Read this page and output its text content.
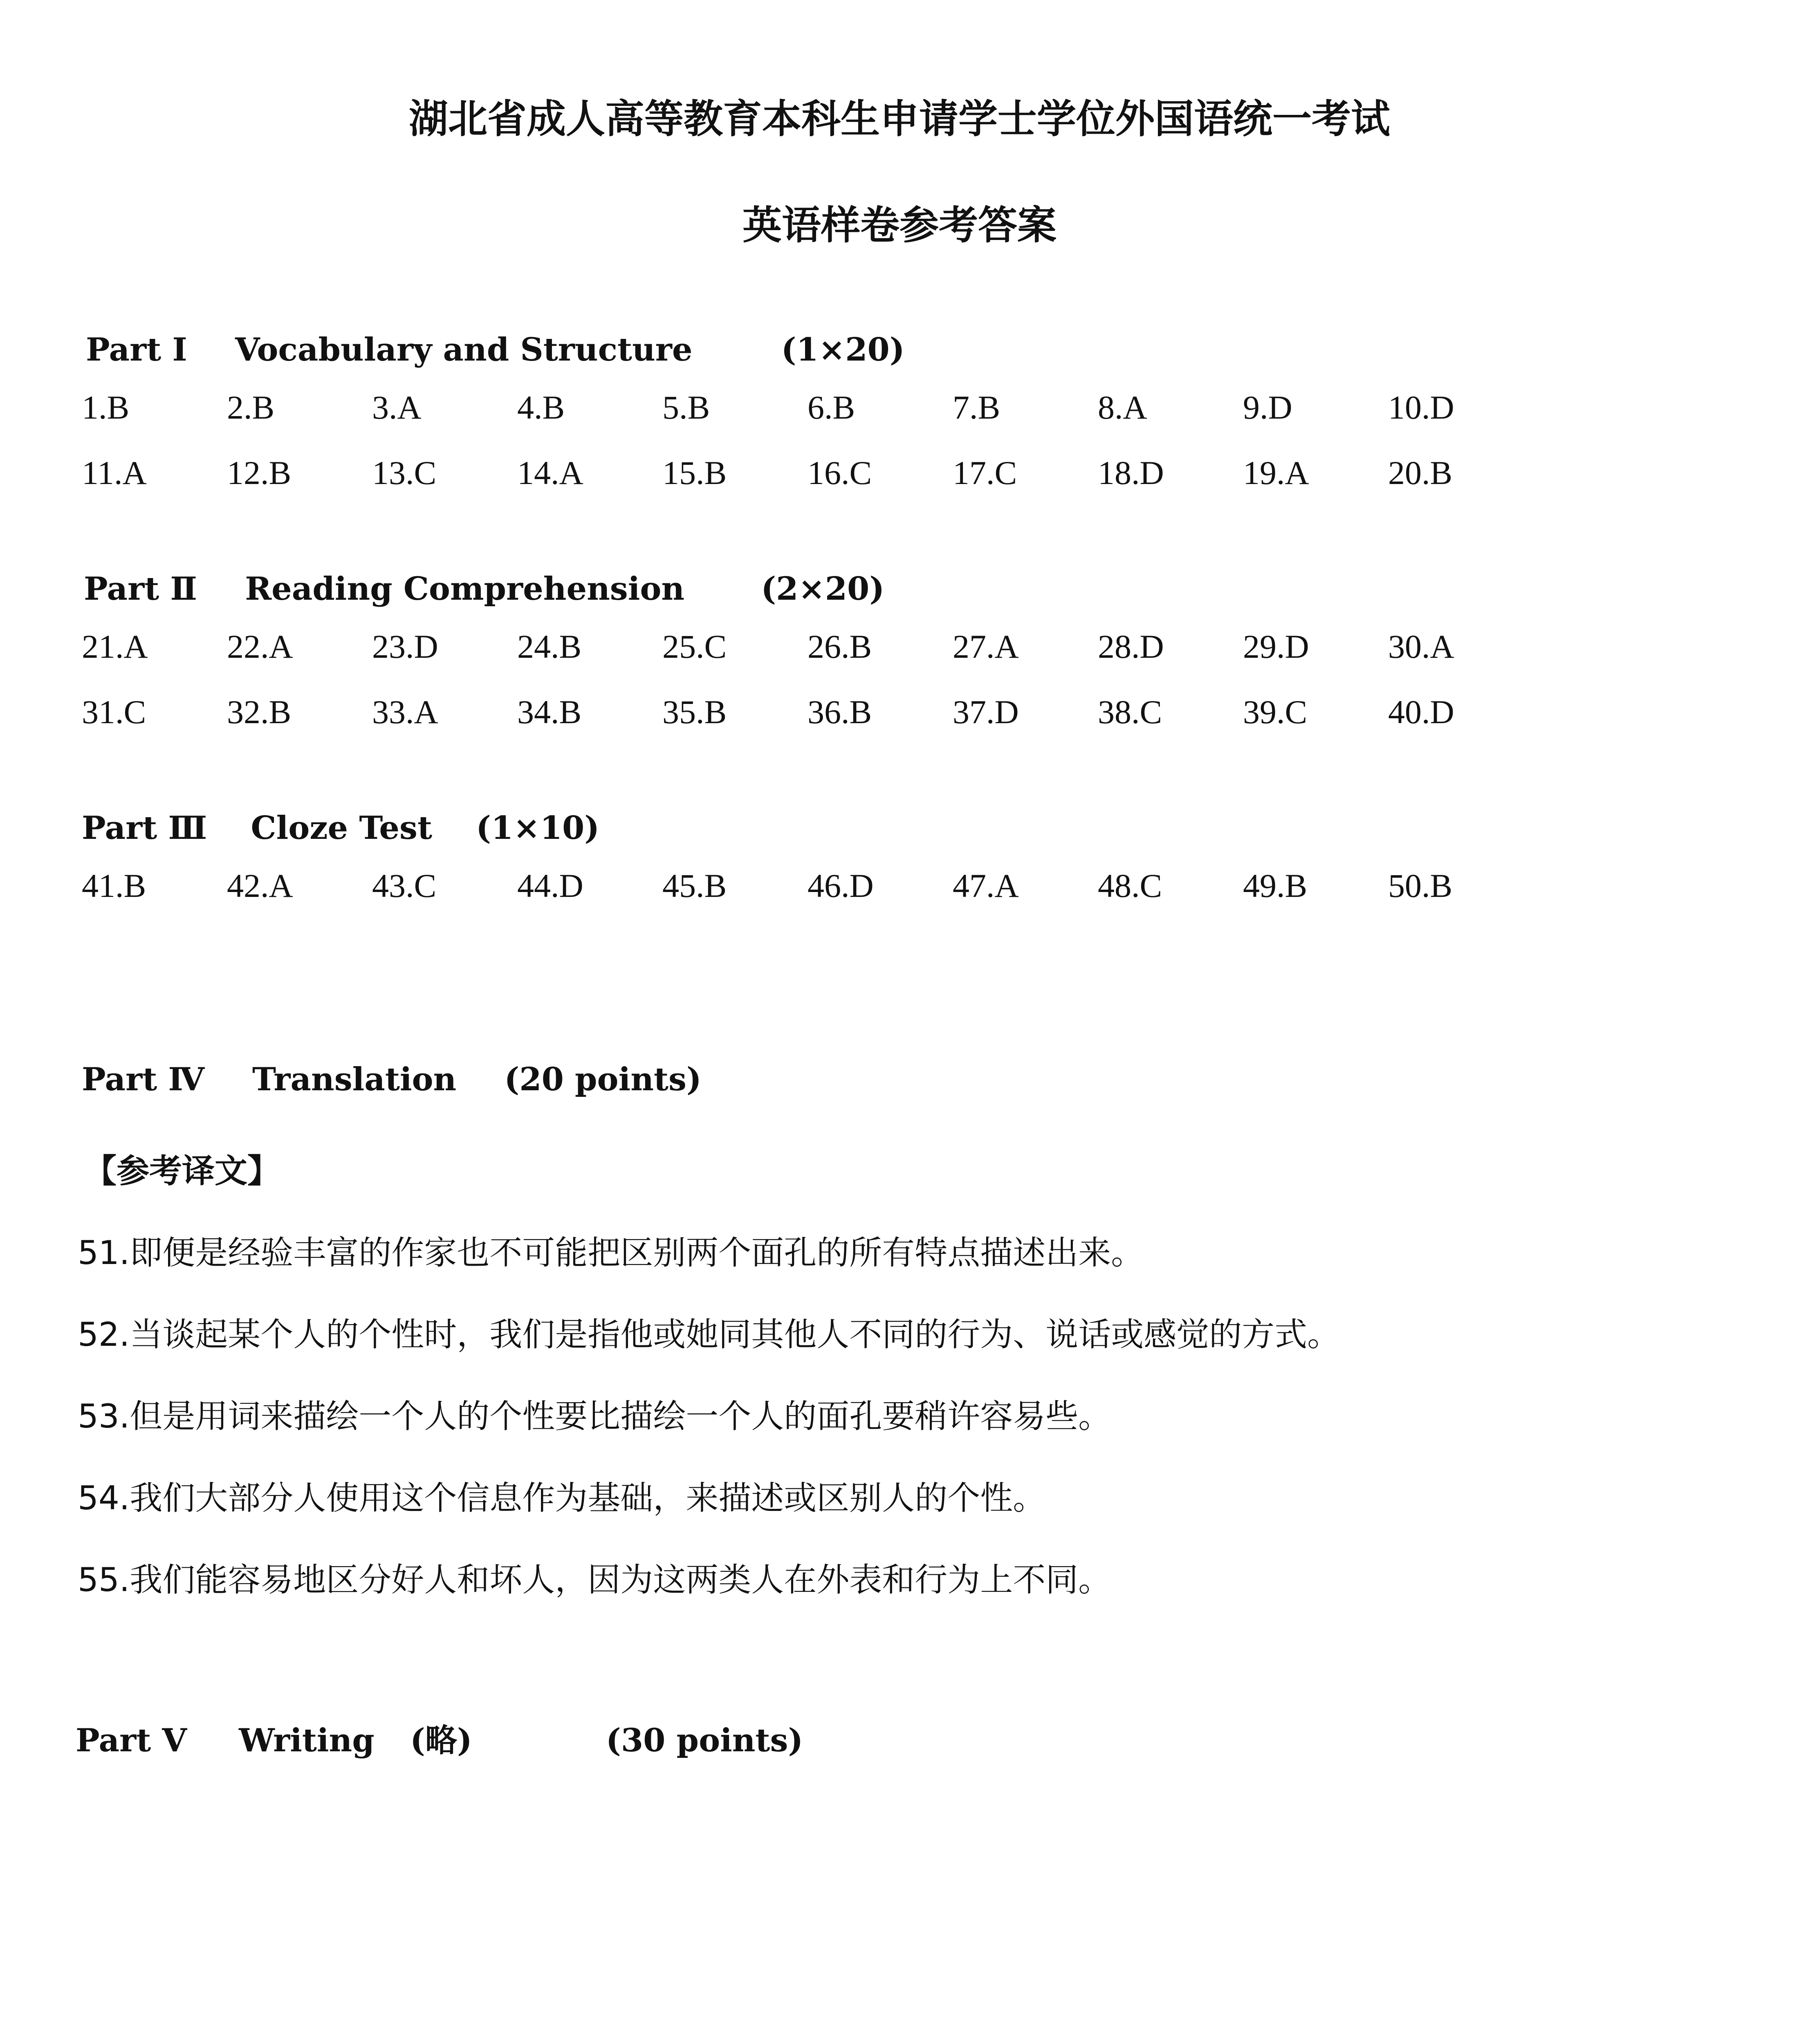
湖北省成人高等教育本科生申请学士学位外国语统一考试
英语样卷参考答案
Part Ⅰ Vocabulary and Structure	(1×20)
1.B	2.B	3.A	4.B	5.B	6.B	7.B	8.A	9.D	10.D
11.A 12.B 13.C 14.A 15.B 16.C 17.C 18.D 19.A 20.B
Part Ⅱ Reading Comprehension (2×20)
21.A 22.A 23.D 24.B 25.C 26.B 27.A 28.D 29.D 30.A
31.C 32.B 33.A 34.B 35.B 36.B 37.D 38.C 39.C 40.D
Part Ⅲ Cloze Test (1×10)
41.B 42.A 43.C 44.D 45.B 46.D 47.A 48.C 49.B 50.B
Part Ⅳ Translation (20 points)
【参考译文】
51.即便是经验丰富的作家也不可能把区别两个面孔的所有特点描述出来。
52.当谈起某个人的个性时，我们是指他或她同其他人不同的行为、说话或感觉的方式。
53.但是用词来描绘一个人的个性要比描绘一个人的面孔要稍许容易些。
54.我们大部分人使用这个信息作为基础，来描述或区别人的个性。
55.我们能容易地区分好人和坏人，因为这两类人在外表和行为上不同。
Part Ⅴ Writing (略)	(30 points)
